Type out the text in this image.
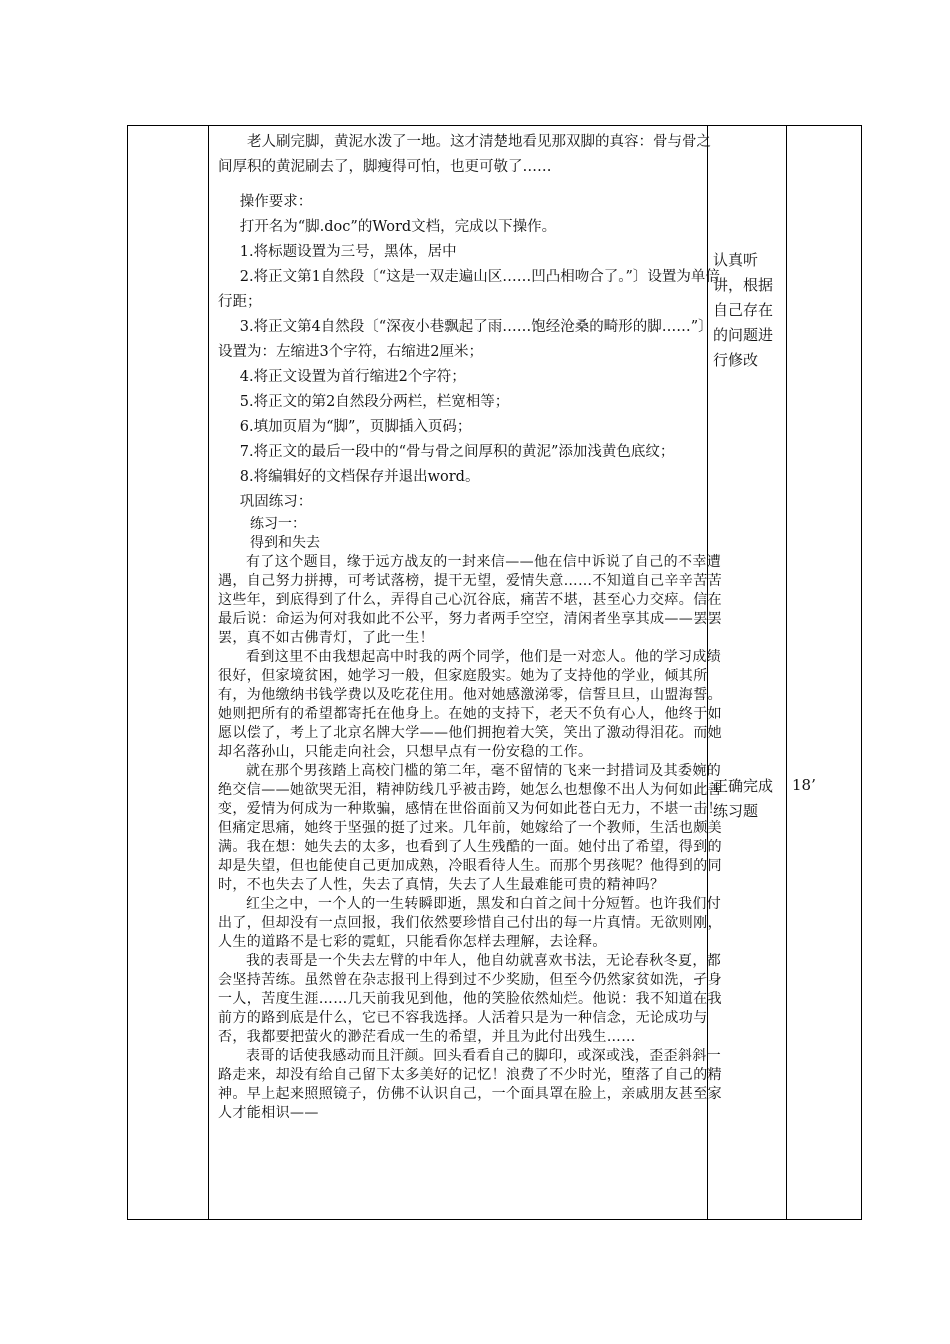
老人刷完脚，黄泥水泼了一地。这才清楚地看见那双脚的真容：骨与骨之间厚积的黄泥刷去了，脚瘦得可怕，也更可敬了……

操作要求：

打开名为“脚.doc”的Word文档，完成以下操作。

1.将标题设置为三号，黑体，居中

2.将正文第1自然段〔“这是一双走遍山区……凹凸相吻合了。”〕设置为单倍行距；

3.将正文第4自然段〔“深夜小巷飘起了雨……饱经沧桑的畸形的脚……”〕设置为：左缩进3个字符，右缩进2厘米；

4.将正文设置为首行缩进2个字符；

5.将正文的第2自然段分两栏，栏宽相等；

6.填加页眉为“脚”，页脚插入页码；

7.将正文的最后一段中的“骨与骨之间厚积的黄泥”添加浅黄色底纹；

8.将编辑好的文档保存并退出word。

巩固练习：

练习一：

得到和失去

有了这个题目，缘于远方战友的一封来信——他在信中诉说了自己的不幸遭遇，自己努力拼搏，可考试落榜，提干无望，爱情失意……不知道自己辛辛苦苦这些年，到底得到了什么，弄得自己心沉谷底，痛苦不堪，甚至心力交瘁。信在最后说：命运为何对我如此不公平，努力者两手空空，清闲者坐享其成——罢罢罢，真不如古佛青灯，了此一生！

看到这里不由我想起高中时我的两个同学，他们是一对恋人。他的学习成绩很好，但家境贫困，她学习一般，但家庭殷实。她为了支持他的学业，倾其所有，为他缴纳书钱学费以及吃花住用。他对她感激涕零，信誓旦旦，山盟海誓。她则把所有的希望都寄托在他身上。在她的支持下，老天不负有心人，他终于如愿以偿了，考上了北京名牌大学——他们拥抱着大笑，笑出了激动得泪花。而她却名落孙山，只能走向社会，只想早点有一份安稳的工作。

就在那个男孩踏上高校门槛的第二年，毫不留情的飞来一封措词及其委婉的绝交信——她欲哭无泪，精神防线几乎被击跨，她怎么也想像不出人为何如此善变，爱情为何成为一种欺骗，感情在世俗面前又为何如此苍白无力，不堪一击！但痛定思痛，她终于坚强的挺了过来。几年前，她嫁给了一个教师，生活也颇美满。我在想：她失去的太多，也看到了人生残酷的一面。她付出了希望，得到的却是失望，但也能使自己更加成熟，冷眼看待人生。而那个男孩呢？他得到的同时，不也失去了人性，失去了真情，失去了人生最难能可贵的精神吗？

红尘之中，一个人的一生转瞬即逝，黑发和白首之间十分短暂。也许我们付出了，但却没有一点回报，我们依然要珍惜自己付出的每一片真情。无欲则刚，人生的道路不是七彩的霓虹，只能看你怎样去理解，去诠释。

我的表哥是一个失去左臂的中年人，他自幼就喜欢书法，无论春秋冬夏，都会坚持苦练。虽然曾在杂志报刊上得到过不少奖励，但至今仍然家贫如洗，孑身一人，苦度生涯……几天前我见到他，他的笑脸依然灿烂。他说：我不知道在我前方的路到底是什么，它已不容我选择。人活着只是为一种信念，无论成功与否，我都要把萤火的渺茫看成一生的希望，并且为此付出残生……

表哥的话使我感动而且汗颜。回头看看自己的脚印，或深或浅，歪歪斜斜一路走来，却没有给自己留下太多美好的记忆！浪费了不少时光，堕落了自己的精神。早上起来照照镜子，仿佛不认识自己，一个面具罩在脸上，亲戚朋友甚至家人才能相识——

认真听讲，根据自己存在的问题进行修改
正确完成练习题
18’
